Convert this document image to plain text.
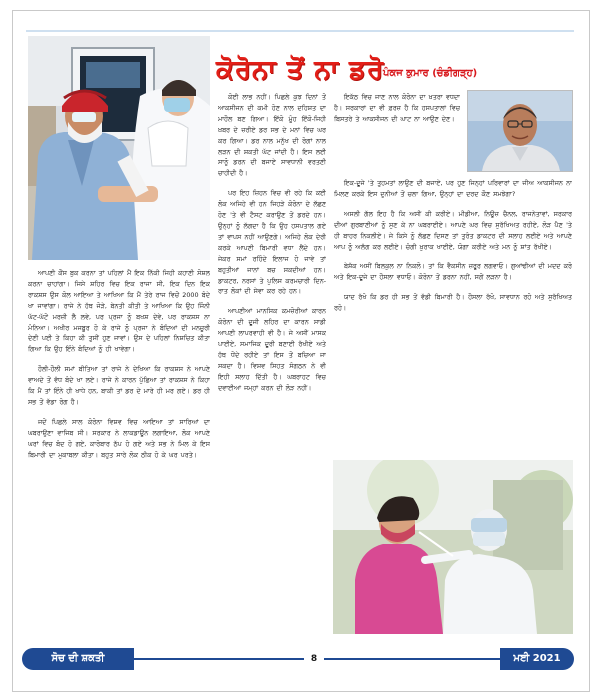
ਕੋਰੋਨਾ ਤੋਂ ਨਾ ਡਰੋ
ਪੰਕਜ ਕੁਮਾਰ (ਚੰਡੀਗੜ੍ਹ)

ਆਪਣੀ ਕੌਂਸ ਬੁਕ ਕਰਨਾ ਤਾਂ ਪਹਿਲਾਂ ਮੈਂ ਇਕ ਨਿੱਕੀ ਜਿਹੀ ਕਹਾਣੀ ਸੋਸ਼ਲ ਕਰਨਾ ਚਾਹਾਂਗਾ। ਜਿਸੇ ਸ਼ਹਿਰ ਵਿਚ ਇਕ ਰਾਜਾ ਸੀ, ਇਕ ਦਿਨ ਇਕ ਰਾਕਸ਼ਸ ਉਸ ਕੋਲ ਆਇਆ ਤੇ ਆਖਿਆ ਕਿ ਮੈਂ ਤੇਰੇ ਰਾਜ ਵਿਚੋਂ 2000 ਬੰਦੇ ਖਾ ਜਾਵਾਂਗਾ। ਰਾਜੇ ਨੇ ਹੱਥ ਜੋੜੇ, ਬੇਨਤੀ ਕੀਤੀ ਤੇ ਆਖਿਆ ਕਿ ਉਹ ਜਿੰਨੀ ਘੱਟ-ਘੱਟੋਂ ਮਰਜ਼ੀ ਲੈ ਲਵੇ, ਪਰ ਪ੍ਰਜਾ ਨੂੰ ਬਖਸ਼ ਦੇਵੇ, ਪਰ ਰਾਕਸ਼ਸ ਨਾ ਮੰਨਿਆ। ਅਖੀਰ ਮਜਬੂਰ ਹੋ ਕੇ ਰਾਜੇ ਨੂੰ ਪ੍ਰਜਾ ਨੇ ਬੰਦਿਆਂ ਦੀ ਮਨਜ਼ੂਰੀ ਦੇਣੀ ਪਈ ਤੇ ਕਿਹਾ ਕੀ ਤੁਸੀਂ ਹੁਣ ਜਾਵਾਂ। ਉਸ ਦੇ ਪਹਿਲਾਂ ਨਿਸ਼ਚਿਤ ਕੀਤਾ ਗਿਆ ਕਿ ਉਹ ਇੰਨੇ ਬੰਦਿਆਂ ਨੂੰ ਹੀ ਖਾਵੇਗਾ।

ਹੌਲੀ-ਹੌਲੀ ਸਮਾਂ ਬੀਤਿਆ ਤਾਂ ਰਾਜੇ ਨੇ ਦੇਖਿਆ ਕਿ ਰਾਕਸ਼ਸ ਨੇ ਆਪਣੇ ਵਾਅਦੇ ਤੋਂ ਵੱਧ ਬੰਦੇ ਖਾ ਲਏ। ਰਾਜੇ ਨੇ ਕਾਰਨ ਪੁੱਛਿਆ ਤਾਂ ਰਾਕਸ਼ਸ ਨੇ ਕਿਹਾ ਕਿ ਮੈਂ ਤਾਂ ਇੰਨੇ ਹੀ ਖਾਧੇ ਹਨ, ਬਾਕੀ ਤਾਂ ਡਰ ਦੇ ਮਾਰੇ ਹੀ ਮਰ ਗਏ। ਡਰ ਹੀ ਸਭ ਤੋਂ ਵੱਡਾ ਰੋਗ ਹੈ।

ਜਦੋਂ ਪਿਛਲੇ ਸਾਲ ਕੋਰੋਨਾ ਵਿਸ਼ਵ ਵਿਚ ਆਇਆ ਤਾਂ ਸਾਰਿਆਂ ਦਾ ਘਬਰਾਉਣਾ ਵਾਜਿਬ ਸੀ। ਸਰਕਾਰ ਨੇ ਲਾਕਡਾਊਨ ਲਗਾਇਆ, ਲੋਕ ਆਪਣੇ ਘਰਾਂ ਵਿਚ ਬੰਦ ਹੋ ਗਏ, ਕਾਰੋਬਾਰ ਠੱਪ ਹੋ ਗਏ ਅਤੇ ਸਭ ਨੇ ਮਿਲ ਕੇ ਇਸ ਬਿਮਾਰੀ ਦਾ ਮੁਕਾਬਲਾ ਕੀਤਾ। ਬਹੁਤ ਸਾਰੇ ਲੋਕ ਠੀਕ ਹੋ ਕੇ ਘਰ ਪਰਤੇ।

ਕੋਈ ਲਾਭ ਨਹੀਂ। ਪਿਛਲੇ ਕੁਝ ਦਿਨਾਂ ਤੋਂ ਆਕਸੀਜਨ ਦੀ ਕਮੀ ਹੋਣ ਨਾਲ ਦਹਿਸ਼ਤ ਦਾ ਮਾਹੌਲ ਬਣ ਗਿਆ। ਇੱਕੋ ਮੂੰਹ ਇੱਕੋ-ਜਿਹੀ ਖ਼ਬਰ ਦੇ ਜ਼ਰੀਏ ਡਰ ਸਭ ਦੇ ਮਨਾਂ ਵਿਚ ਘਰ ਕਰ ਗਿਆ। ਡਰ ਨਾਲ ਮਨੁੱਖ ਦੀ ਰੋਗਾਂ ਨਾਲ ਲੜਨ ਦੀ ਸ਼ਕਤੀ ਘੱਟ ਜਾਂਦੀ ਹੈ। ਇਸ ਲਈ ਸਾਨੂੰ ਡਰਨ ਦੀ ਬਜਾਏ ਸਾਵਧਾਨੀ ਵਰਤਣੀ ਚਾਹੀਦੀ ਹੈ।

ਪਰ ਇਹ ਜ਼ਿਹਨ ਵਿਚ ਵੀ ਰਹੇ ਕਿ ਕਈ ਲੋਕ ਅਜਿਹੇ ਵੀ ਹਨ ਜਿਹੜੇ ਕੋਰੋਨਾ ਦੇ ਲੱਛਣ ਹੋਣ 'ਤੇ ਵੀ ਟੈਸਟ ਕਰਾਉਣ ਤੋਂ ਡਰਦੇ ਹਨ। ਉਨ੍ਹਾਂ ਨੂੰ ਲੱਗਦਾ ਹੈ ਕਿ ਉਹ ਹਸਪਤਾਲ ਗਏ ਤਾਂ ਵਾਪਸ ਨਹੀਂ ਆਉਣਗੇ। ਅਜਿਹੇ ਲੋਕ ਦੇਰੀ ਕਰਕੇ ਆਪਣੀ ਬਿਮਾਰੀ ਵਧਾ ਲੈਂਦੇ ਹਨ। ਜੇਕਰ ਸਮਾਂ ਰਹਿੰਦੇ ਇਲਾਜ ਹੋ ਜਾਵੇ ਤਾਂ ਬਹੁਤੀਆਂ ਜਾਨਾਂ ਬਚ ਸਕਦੀਆਂ ਹਨ। ਡਾਕਟਰ, ਨਰਸਾਂ ਤੇ ਪੁਲਿਸ ਕਰਮਚਾਰੀ ਦਿਨ-ਰਾਤ ਲੋਕਾਂ ਦੀ ਸੇਵਾ ਕਰ ਰਹੇ ਹਨ।

ਆਪਣੀਆਂ ਮਾਨਸਿਕ ਕਮਜ਼ੋਰੀਆਂ ਕਾਰਨ ਕੋਰੋਨਾ ਦੀ ਦੂਜੀ ਲਹਿਰ ਦਾ ਕਾਰਨ ਸਾਡੀ ਆਪਣੀ ਲਾਪਰਵਾਹੀ ਵੀ ਹੈ। ਜੇ ਅਸੀਂ ਮਾਸਕ ਪਾਈਏ, ਸਮਾਜਿਕ ਦੂਰੀ ਬਣਾਈ ਰੱਖੀਏ ਅਤੇ ਹੱਥ ਧੋਂਦੇ ਰਹੀਏ ਤਾਂ ਇਸ ਤੋਂ ਬਚਿਆ ਜਾ ਸਕਦਾ ਹੈ। ਵਿਸ਼ਵ ਸਿਹਤ ਸੰਗਠਨ ਨੇ ਵੀ ਇਹੀ ਸਲਾਹ ਦਿੱਤੀ ਹੈ। ਘਬਰਾਹਟ ਵਿਚ ਦਵਾਈਆਂ ਜਮ੍ਹਾਂ ਕਰਨ ਦੀ ਲੋੜ ਨਹੀਂ।

ਇਕੱਠ ਵਿਚ ਜਾਣ ਨਾਲ ਕੋਰੋਨਾ ਦਾ ਖ਼ਤਰਾ ਵਧਦਾ ਹੈ। ਸਰਕਾਰਾਂ ਦਾ ਵੀ ਫ਼ਰਜ਼ ਹੈ ਕਿ ਹਸਪਤਾਲਾਂ ਵਿਚ ਬਿਸਤਰੇ ਤੇ ਆਕਸੀਜਨ ਦੀ ਘਾਟ ਨਾ ਆਉਣ ਦੇਣ।

ਇਕ-ਦੂਜੇ 'ਤੇ ਤੁਹਮਤਾਂ ਲਾਉਣ ਦੀ ਬਜਾਏ, ਪਰ ਹੁਣ ਜਿਨ੍ਹਾਂ ਪਰਿਵਾਰਾਂ ਦਾ ਜੀਅ ਆਕਸੀਜਨ ਨਾ ਮਿਲਣ ਕਰਕੇ ਇਸ ਦੁਨੀਆਂ ਤੋਂ ਚਲਾ ਗਿਆ, ਉਨ੍ਹਾਂ ਦਾ ਦਰਦ ਕੌਣ ਸਮਝੇਗਾ?

ਅਸਲੀ ਗੱਲ ਇਹ ਹੈ ਕਿ ਅਸੀਂ ਕੀ ਕਰੀਏ। ਮੀਡੀਆ, ਨਿਊਜ਼ ਚੈਨਲ, ਰਾਜਨੇਤਾਵਾਂ, ਸਰਕਾਰ ਦੀਆਂ ਗੁਰਬਾਣੀਆਂ ਨੂੰ ਸੁਣ ਕੇ ਨਾ ਘਬਰਾਈਏ। ਆਪਣੇ ਘਰ ਵਿਚ ਸੁਰੱਖਿਅਤ ਰਹੀਏ, ਲੋੜ ਪੈਣ 'ਤੇ ਹੀ ਬਾਹਰ ਨਿਕਲੀਏ। ਜੇ ਕਿਸੇ ਨੂੰ ਲੱਛਣ ਦਿਸਣ ਤਾਂ ਤੁਰੰਤ ਡਾਕਟਰ ਦੀ ਸਲਾਹ ਲਈਏ ਅਤੇ ਆਪਣੇ ਆਪ ਨੂੰ ਅਲੱਗ ਕਰ ਲਈਏ। ਚੰਗੀ ਖ਼ੁਰਾਕ ਖਾਈਏ, ਯੋਗਾ ਕਰੀਏ ਅਤੇ ਮਨ ਨੂੰ ਸ਼ਾਂਤ ਰੱਖੀਏ।

ਬੇਸ਼ੱਕ ਅਸੀਂ ਬਿਲਕੁਲ ਨਾ ਨਿਕਲੋ। ਤਾਂ ਕਿ ਵੈਕਸੀਨ ਜ਼ਰੂਰ ਲਗਵਾਓ। ਗੁਆਂਢੀਆਂ ਦੀ ਮਦਦ ਕਰੋ ਅਤੇ ਇਕ-ਦੂਜੇ ਦਾ ਹੌਸਲਾ ਵਧਾਓ। ਕੋਰੋਨਾ ਤੋਂ ਡਰਨਾ ਨਹੀਂ, ਸਗੋਂ ਲੜਨਾ ਹੈ।

ਯਾਦ ਰੱਖੋ ਕਿ ਡਰ ਹੀ ਸਭ ਤੋਂ ਵੱਡੀ ਬਿਮਾਰੀ ਹੈ। ਹੌਸਲਾ ਰੱਖੋ, ਸਾਵਧਾਨ ਰਹੋ ਅਤੇ ਸੁਰੱਖਿਅਤ ਰਹੋ।

ਸੋਚ ਦੀ ਸ਼ਕਤੀ	8	ਮਈ 2021
